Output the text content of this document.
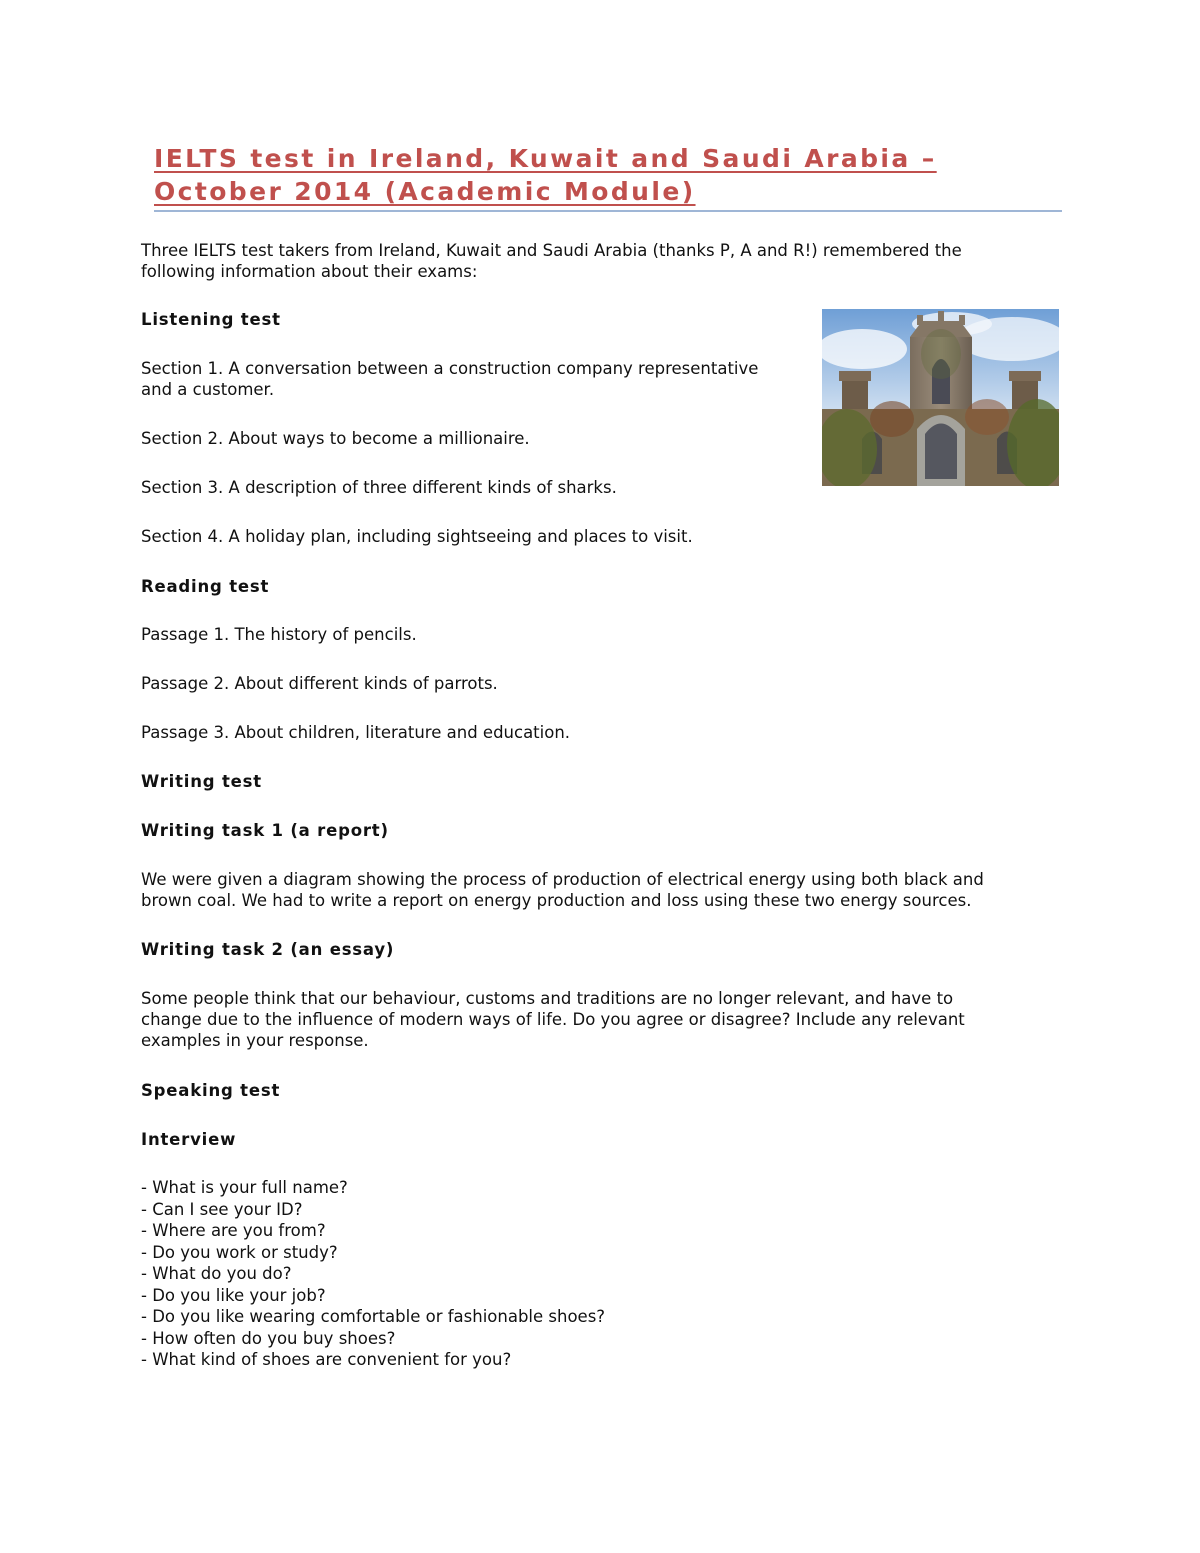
IELTS test in Ireland, Kuwait and Saudi Arabia –
October 2014 (Academic Module)
Three IELTS test takers from Ireland, Kuwait and Saudi Arabia (thanks P, A and R!) remembered the
following information about their exams:
Listening test
Section 1. A conversation between a construction company representative
and a customer.
Section 2. About ways to become a millionaire.
Section 3. A description of three different kinds of sharks.
Section 4. A holiday plan, including sightseeing and places to visit.
Reading test
Passage 1. The history of pencils.
Passage 2. About different kinds of parrots.
Passage 3. About children, literature and education.
Writing test
Writing task 1 (a report)
We were given a diagram showing the process of production of electrical energy using both black and
brown coal. We had to write a report on energy production and loss using these two energy sources.
Writing task 2 (an essay)
Some people think that our behaviour, customs and traditions are no longer relevant, and have to
change due to the influence of modern ways of life. Do you agree or disagree? Include any relevant
examples in your response.
Speaking test
Interview
- What is your full name?
- Can I see your ID?
- Where are you from?
- Do you work or study?
- What do you do?
- Do you like your job?
- Do you like wearing comfortable or fashionable shoes?
- How often do you buy shoes?
- What kind of shoes are convenient for you?
